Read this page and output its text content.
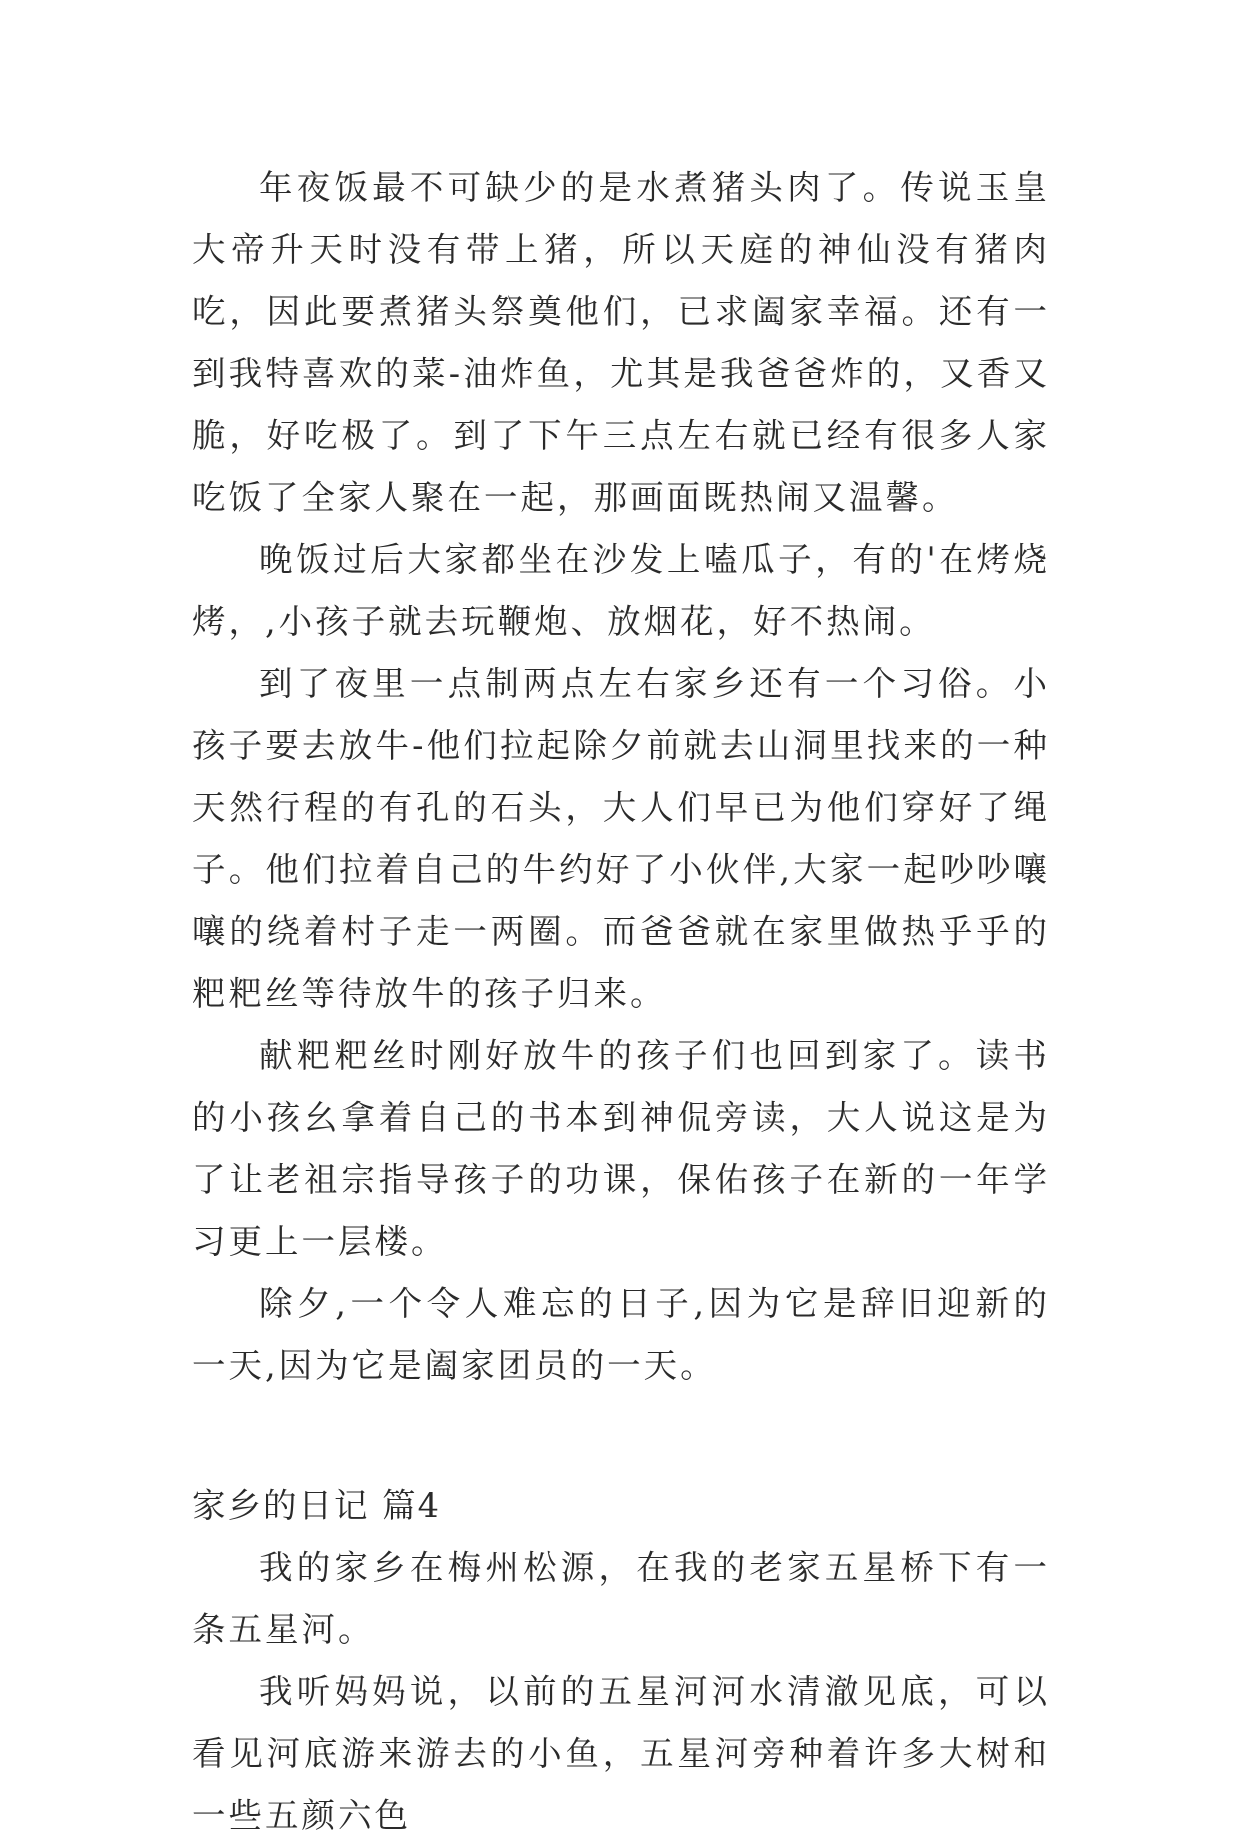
年夜饭最不可缺少的是水煮猪头肉了。传说玉皇大帝升天时没有带上猪，所以天庭的神仙没有猪肉吃，因此要煮猪头祭奠他们，已求阖家幸福。还有一到我特喜欢的菜-油炸鱼，尤其是我爸爸炸的，又香又脆，好吃极了。到了下午三点左右就已经有很多人家吃饭了全家人聚在一起，那画面既热闹又温馨。

晚饭过后大家都坐在沙发上嗑瓜子，有的'在烤烧烤，,小孩子就去玩鞭炮、放烟花，好不热闹。

到了夜里一点制两点左右家乡还有一个习俗。小孩子要去放牛-他们拉起除夕前就去山洞里找来的一种天然行程的有孔的石头，大人们早已为他们穿好了绳子。他们拉着自己的牛约好了小伙伴,大家一起吵吵嚷嚷的绕着村子走一两圈。而爸爸就在家里做热乎乎的粑粑丝等待放牛的孩子归来。

献粑粑丝时刚好放牛的孩子们也回到家了。读书的小孩幺拿着自己的书本到神侃旁读，大人说这是为了让老祖宗指导孩子的功课，保佑孩子在新的一年学习更上一层楼。

除夕,一个令人难忘的日子,因为它是辞旧迎新的一天,因为它是阖家团员的一天。

家乡的日记 篇4

我的家乡在梅州松源，在我的老家五星桥下有一条五星河。

我听妈妈说，以前的五星河河水清澈见底，可以看见河底游来游去的小鱼，五星河旁种着许多大树和一些五颜六色
